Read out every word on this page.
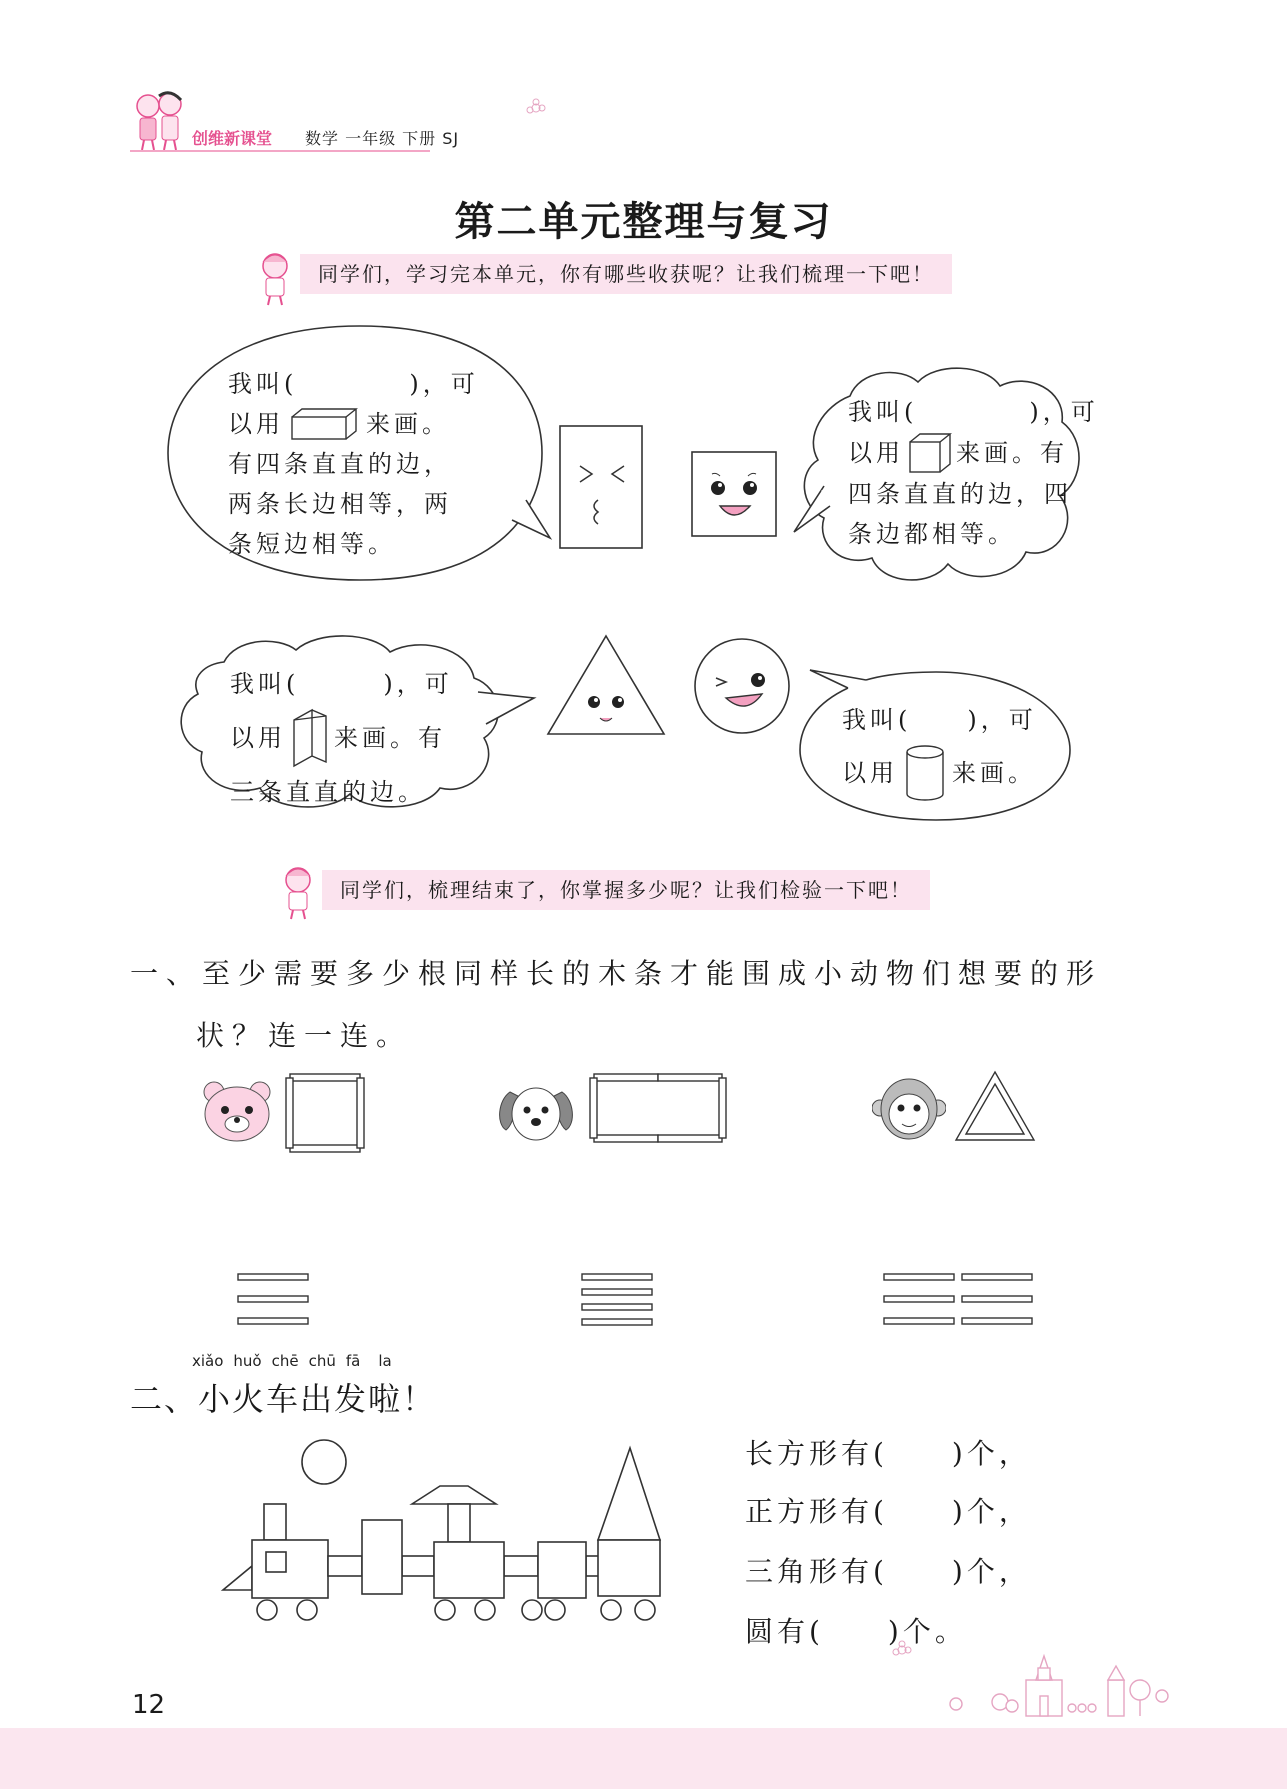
创维新课堂 数学 一年级 下册 SJ
第二单元整理与复习
同学们，学习完本单元，你有哪些收获呢？让我们梳理一下吧！
我叫(　　　　)，可
以用	来画。
有四条直直的边，
两条长边相等，两
条短边相等。
我叫(　　　　)，可
以用 来画。有
四条直直的边，四
条边都相等。
我叫(　　　)，可
以用 来画。有
三条直直的边。
我叫(　　)，可
以用 来画。
同学们，梳理结束了，你掌握多少呢？让我们检验一下吧！
一、至少需要多少根同样长的木条才能围成小动物们想要的形
状？连一连。
xiǎo huǒ chē chū fā la
二、小火车出发啦！
长方形有(　　)个，
正方形有(　　)个，
三角形有(　　)个，
圆有(　　)个。
12
